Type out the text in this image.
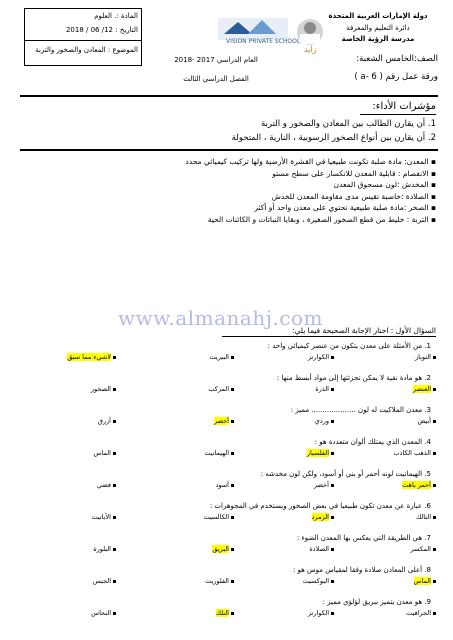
المادة :. العلوم
التاريخ : 12/ 06 / 2018
الموضوع : المعادن والصخور والتربة	زايد
VISION PRIVATE SCHOOL
العام الدراسي 2017 -2018
الفصل الدراسي الثالث
دولة الإمارات العربية المتحدة
دائرة التعليم والمعرفة
مدرسة الرؤية الخاصة
الصف:الخامس الشعبة:
ورقة عمل رقم ( a- 6 )
مؤشرات الأداء:
1. أن يقارن الطالب بين المعادن والصخور و التربة
2. أن يقارن بين أنواع الصخور الرسوبية ، النارية ، المتحولة
▪ المعدن: مادة صلبة تكونت طبيعيا في القشرة الأرضية ولها تركيب كيميائي محدد
▪ الانفصام : قابلية المعدن للانكسار على سطح مستو
▪ المخدش :لون مسحوق المعدن
▪ الصلادة :خاصية تقيس مدى مقاومة المعدن للخدش
▪ الصخر :مادة صلبة طبيعية تحتوي على معدن واحد أو أكثر
▪ التربة : خليط من قطع الصخور الصغيرة ، وبقايا النباتات و الكائنات الحية
www.almanahj.com
السؤال الأول : اختار الإجابة الصحيحة فيما يلي:
1. من الأمثلة على معدن يتكون من عنصر كيميائي واحد :
التوباز
الكوارتز
البيريت
لاشيء مما سبق
2. هو مادة نقية لا يمكن تجزئتها إلى مواد أبسط منها :
العنصر
الذرة
المركب
الصخور
3. معدن الملاكيت له لون .................... مميز :
أبيض
وردي
أخضر
أزرق
4. المعدن الذي يمتلك ألوان متعددة هو :
الذهب الكاذب
الفلسبار
الهيماتيت
الماس
5. الهيماتيت لونه أحمر أو بني أو أسود، ولكن لون مخدشه :
أحمر باهت
أخضر
أسود
فضي
6. عبارة عن معدن تكون طبيعيا في بعض الصخور ويستخدم في المجوهرات :
التالك
الزمرد
الكالسيت
الأباتيت
7. هي الطريقة التي يعكس بها المعدن الضوء :
المكسر
الصلادة
البريق
البلورة
8. أعلى المعادن صلادة وفقا لمقياس موس هو :
الماس
البوكسيت
الفلوريت
الجبس
9. هو معدن يتميز ببريق لؤلؤي مميز :
الجرافيت
الكوارتز
التلك
النحاس
